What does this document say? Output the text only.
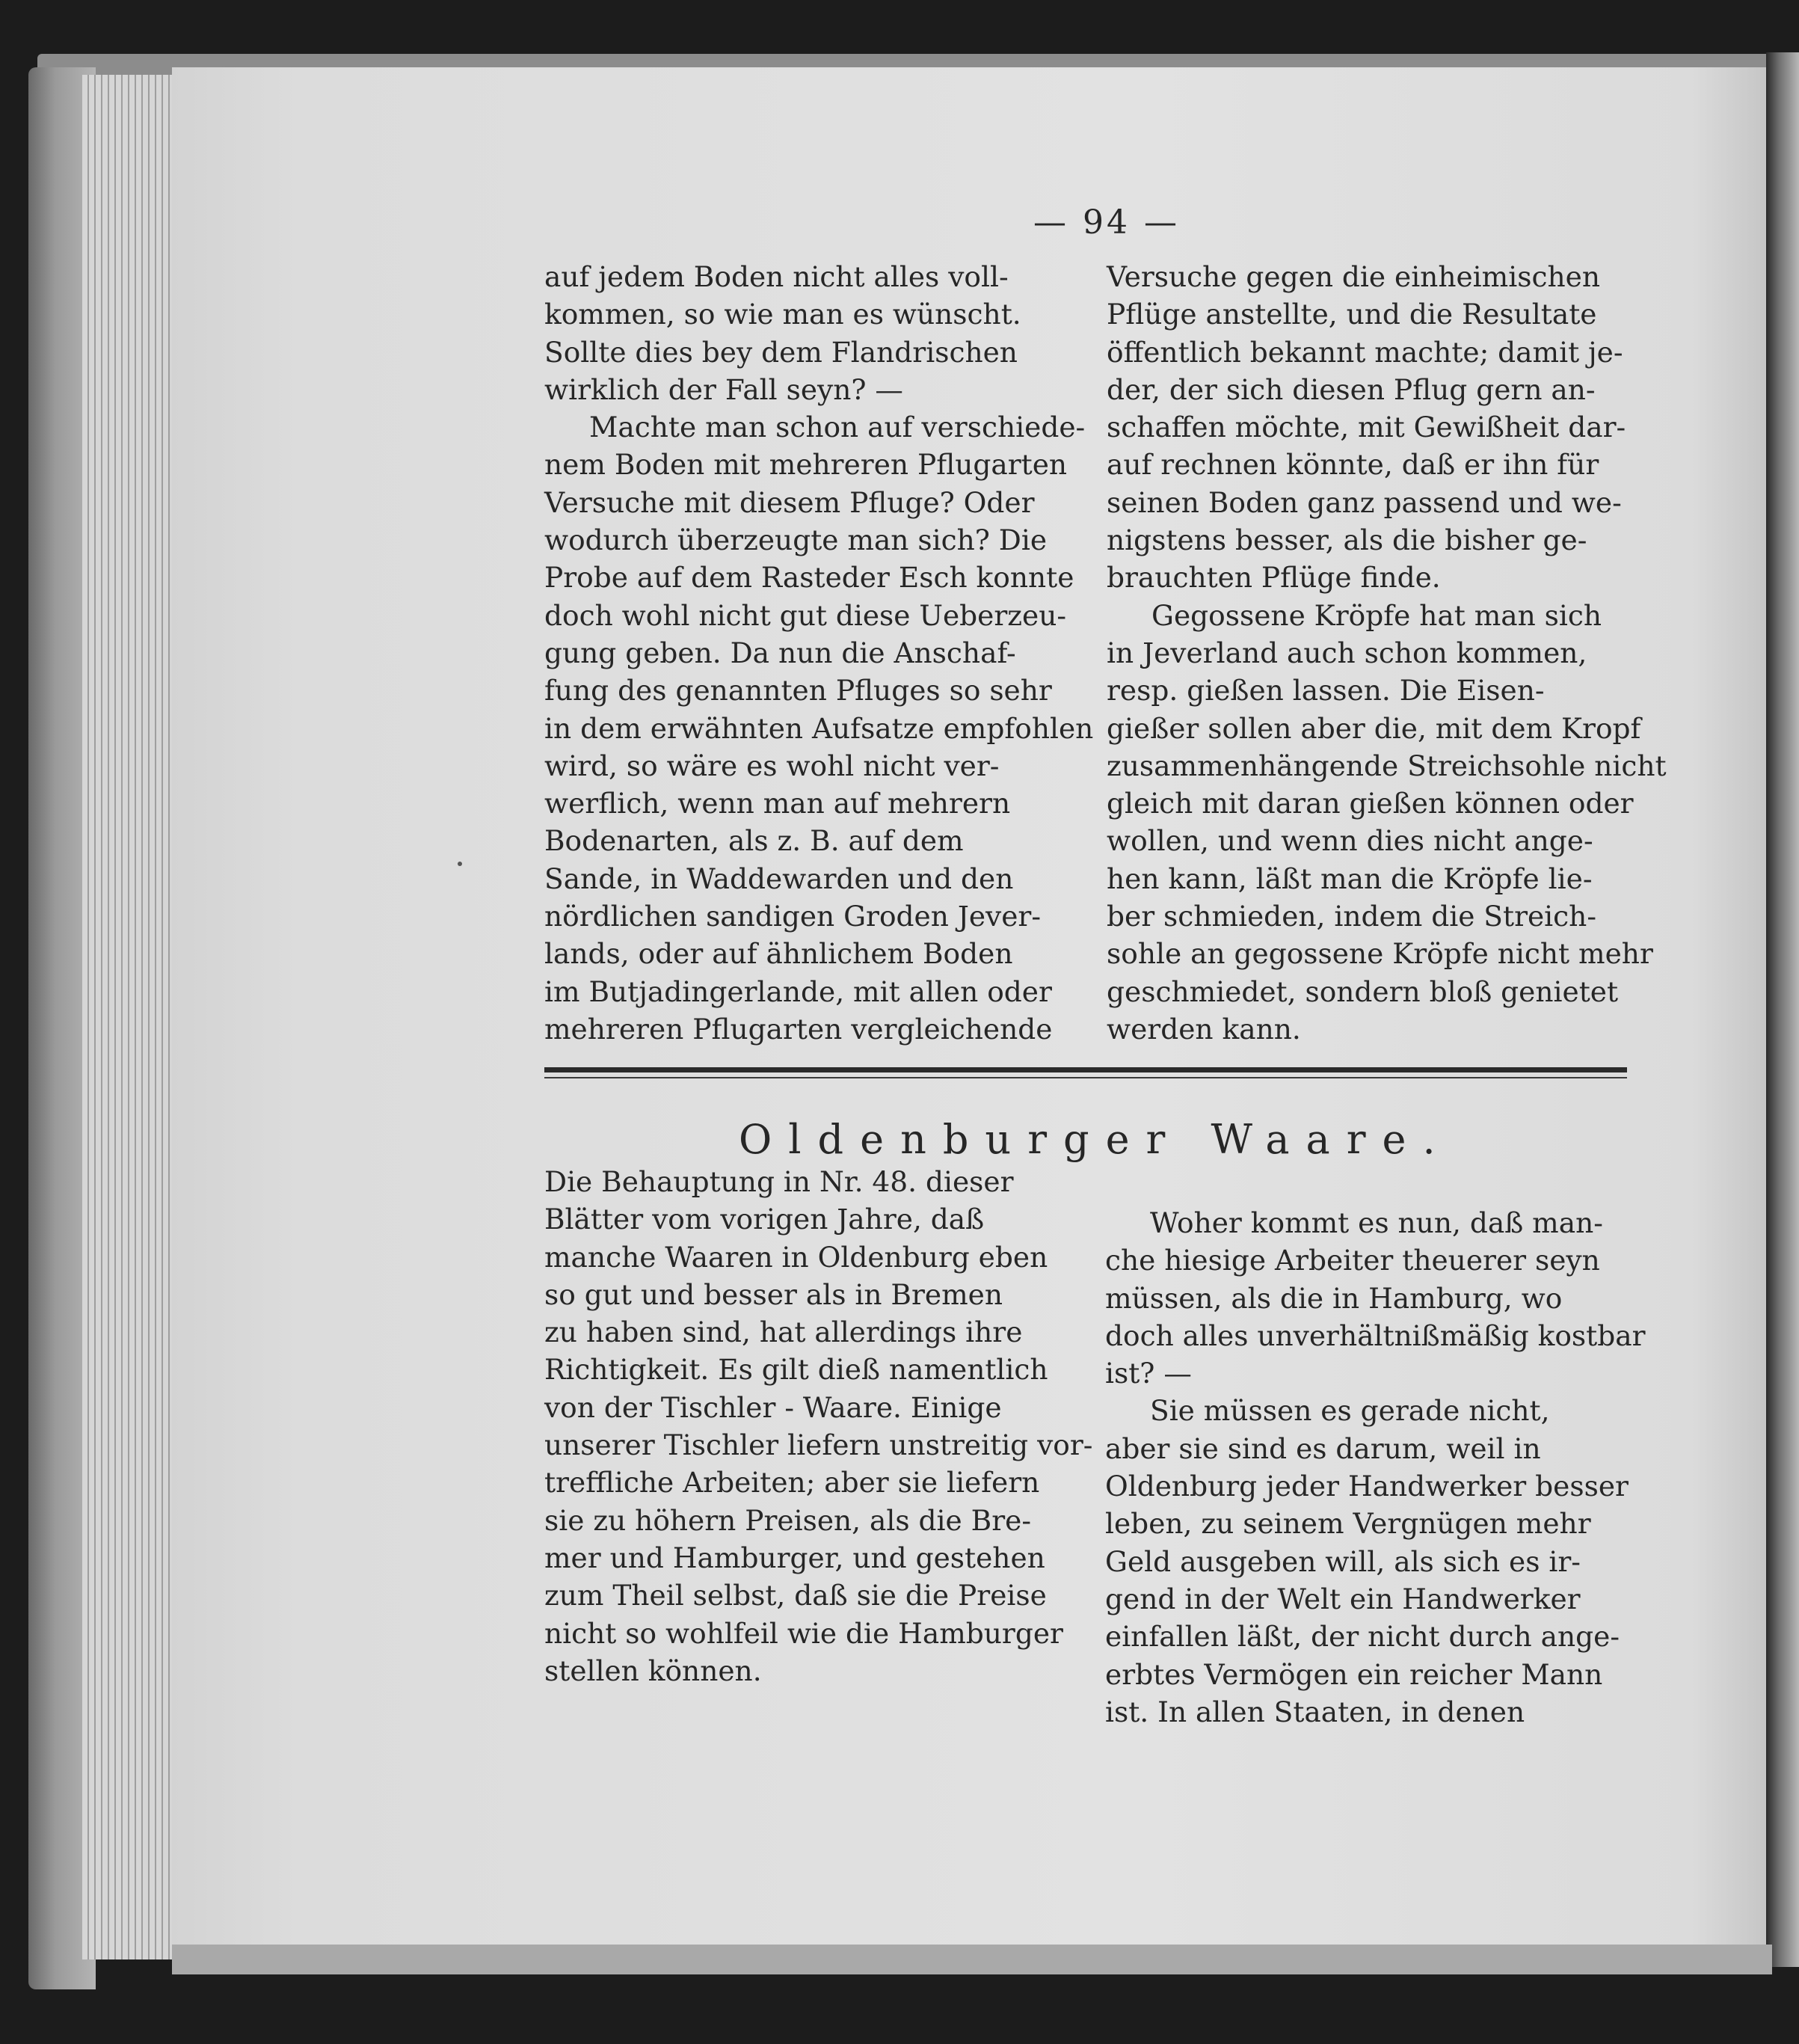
— 94 —
auf jedem Boden nicht alles voll-
kommen, so wie man es wünscht.
Sollte dies bey dem Flandrischen
wirklich der Fall seyn? —
Machte man schon auf verschiede-
nem Boden mit mehreren Pflugarten
Versuche mit diesem Pfluge? Oder
wodurch überzeugte man sich? Die
Probe auf dem Rasteder Esch konnte
doch wohl nicht gut diese Ueberzeu-
gung geben. Da nun die Anschaf-
fung des genannten Pfluges so sehr
in dem erwähnten Aufsatze empfohlen
wird, so wäre es wohl nicht ver-
werflich, wenn man auf mehrern
Bodenarten, als z. B. auf dem
Sande, in Waddewarden und den
nördlichen sandigen Groden Jever-
lands, oder auf ähnlichem Boden
im Butjadingerlande, mit allen oder
mehreren Pflugarten vergleichende
Versuche gegen die einheimischen
Pflüge anstellte, und die Resultate
öffentlich bekannt machte; damit je-
der, der sich diesen Pflug gern an-
schaffen möchte, mit Gewißheit dar-
auf rechnen könnte, daß er ihn für
seinen Boden ganz passend und we-
nigstens besser, als die bisher ge-
brauchten Pflüge finde.
Gegossene Kröpfe hat man sich
in Jeverland auch schon kommen,
resp. gießen lassen. Die Eisen-
gießer sollen aber die, mit dem Kropf
zusammenhängende Streichsohle nicht
gleich mit daran gießen können oder
wollen, und wenn dies nicht ange-
hen kann, läßt man die Kröpfe lie-
ber schmieden, indem die Streich-
sohle an gegossene Kröpfe nicht mehr
geschmiedet, sondern bloß genietet
werden kann.
Oldenburger Waare.
Die Behauptung in Nr. 48. dieser
Blätter vom vorigen Jahre, daß
manche Waaren in Oldenburg eben
so gut und besser als in Bremen
zu haben sind, hat allerdings ihre
Richtigkeit. Es gilt dieß namentlich
von der Tischler - Waare. Einige
unserer Tischler liefern unstreitig vor-
treffliche Arbeiten; aber sie liefern
sie zu höhern Preisen, als die Bre-
mer und Hamburger, und gestehen
zum Theil selbst, daß sie die Preise
nicht so wohlfeil wie die Hamburger
stellen können.
Woher kommt es nun, daß man-
che hiesige Arbeiter theuerer seyn
müssen, als die in Hamburg, wo
doch alles unverhältnißmäßig kostbar
ist? —
Sie müssen es gerade nicht,
aber sie sind es darum, weil in
Oldenburg jeder Handwerker besser
leben, zu seinem Vergnügen mehr
Geld ausgeben will, als sich es ir-
gend in der Welt ein Handwerker
einfallen läßt, der nicht durch ange-
erbtes Vermögen ein reicher Mann
ist. In allen Staaten, in denen
